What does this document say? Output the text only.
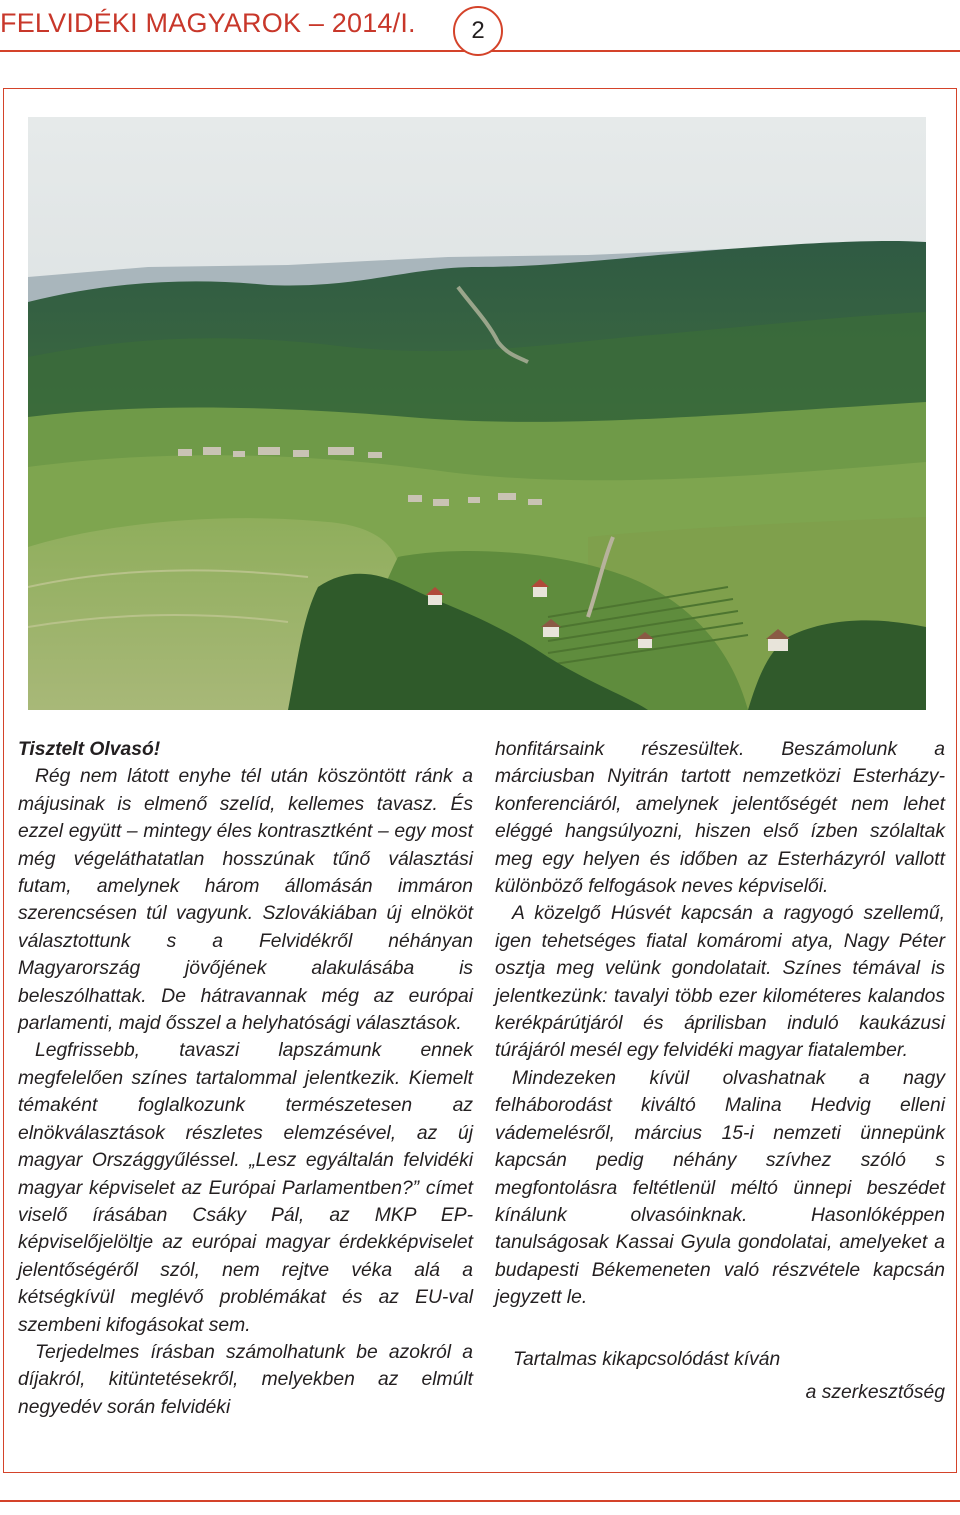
FELVIDÉKI MAGYAROK – 2014/I.	2

Tisztelt Olvasó!

Rég nem látott enyhe tél után köszöntött ránk a májusinak is elmenő szelíd, kellemes tavasz. És ezzel együtt – mintegy éles kontrasztként – egy most még végeláthatatlan hosszúnak tűnő választási futam, amelynek három állomásán immáron szerencsésen túl vagyunk. Szlovákiában új elnököt választottunk s a Felvidékről néhányan Magyarország jövőjének alakulásába is beleszólhattak. De hátravannak még az európai parlamenti, majd ősszel a helyhatósági választások.

Legfrissebb, tavaszi lapszámunk ennek megfelelően színes tartalommal jelentkezik. Kiemelt témaként foglalkozunk természetesen az elnökválasztások részletes elemzésével, az új magyar Országgyűléssel. „Lesz egyáltalán felvidéki magyar képviselet az Európai Parlamentben?” címet viselő írásában Csáky Pál, az MKP EP-képviselőjelöltje az európai magyar érdekképviselet jelentőségéről szól, nem rejtve véka alá a kétségkívül meglévő problémákat és az EU-val szembeni kifogásokat sem.

Terjedelmes írásban számolhatunk be azokról a díjakról, kitüntetésekről, melyekben az elmúlt negyedév során felvidéki

honfitársaink részesültek. Beszámolunk a márciusban Nyitrán tartott nemzetközi Esterházy-konferenciáról, amelynek jelentőségét nem lehet eléggé hangsúlyozni, hiszen első ízben szólaltak meg egy helyen és időben az Esterházyról vallott különböző felfogások neves képviselői.

A közelgő Húsvét kapcsán a ragyogó szellemű, igen tehetséges fiatal komáromi atya, Nagy Péter osztja meg velünk gondolatait. Színes témával is jelentkezünk: tavalyi több ezer kilométeres kalandos kerékpárútjáról és áprilisban induló kaukázusi túrájáról mesél egy felvidéki magyar fiatalember.

Mindezeken kívül olvashatnak a nagy felháborodást kiváltó Malina Hedvig elleni vádemelésről, március 15-i nemzeti ünnepünk kapcsán pedig néhány szívhez szóló s megfontolásra feltétlenül méltó ünnepi beszédet kínálunk olvasóinknak. Hasonlóképpen tanulságosak Kassai Gyula gondolatai, amelyeket a budapesti Békemeneten való részvétele kapcsán jegyzett le.

Tartalmas kikapcsolódást kíván

a szerkesztőség
